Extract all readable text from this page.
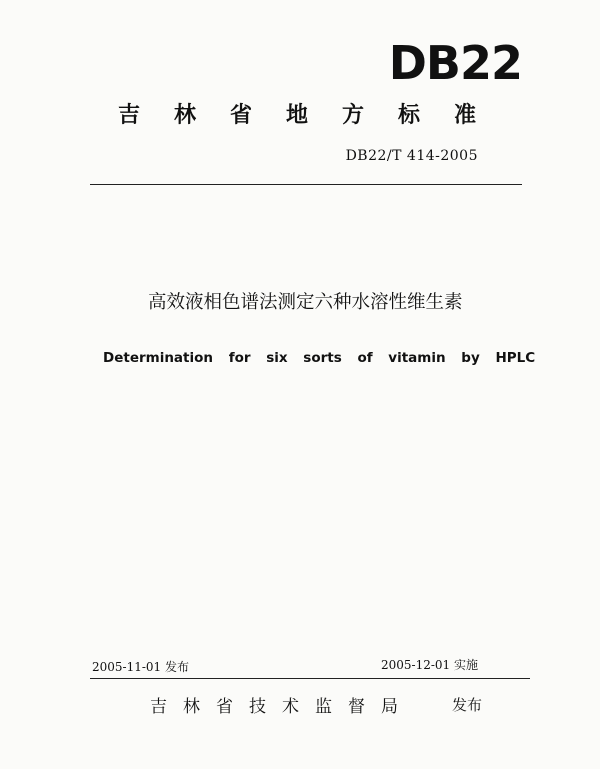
DB22
吉林省地方标准
DB22/T 414-2005
高效液相色谱法测定六种水溶性维生素
Determination for six sorts of vitamin by HPLC
2005-11-01 发布	2005-12-01 实施
吉林省技术监督局	发布
